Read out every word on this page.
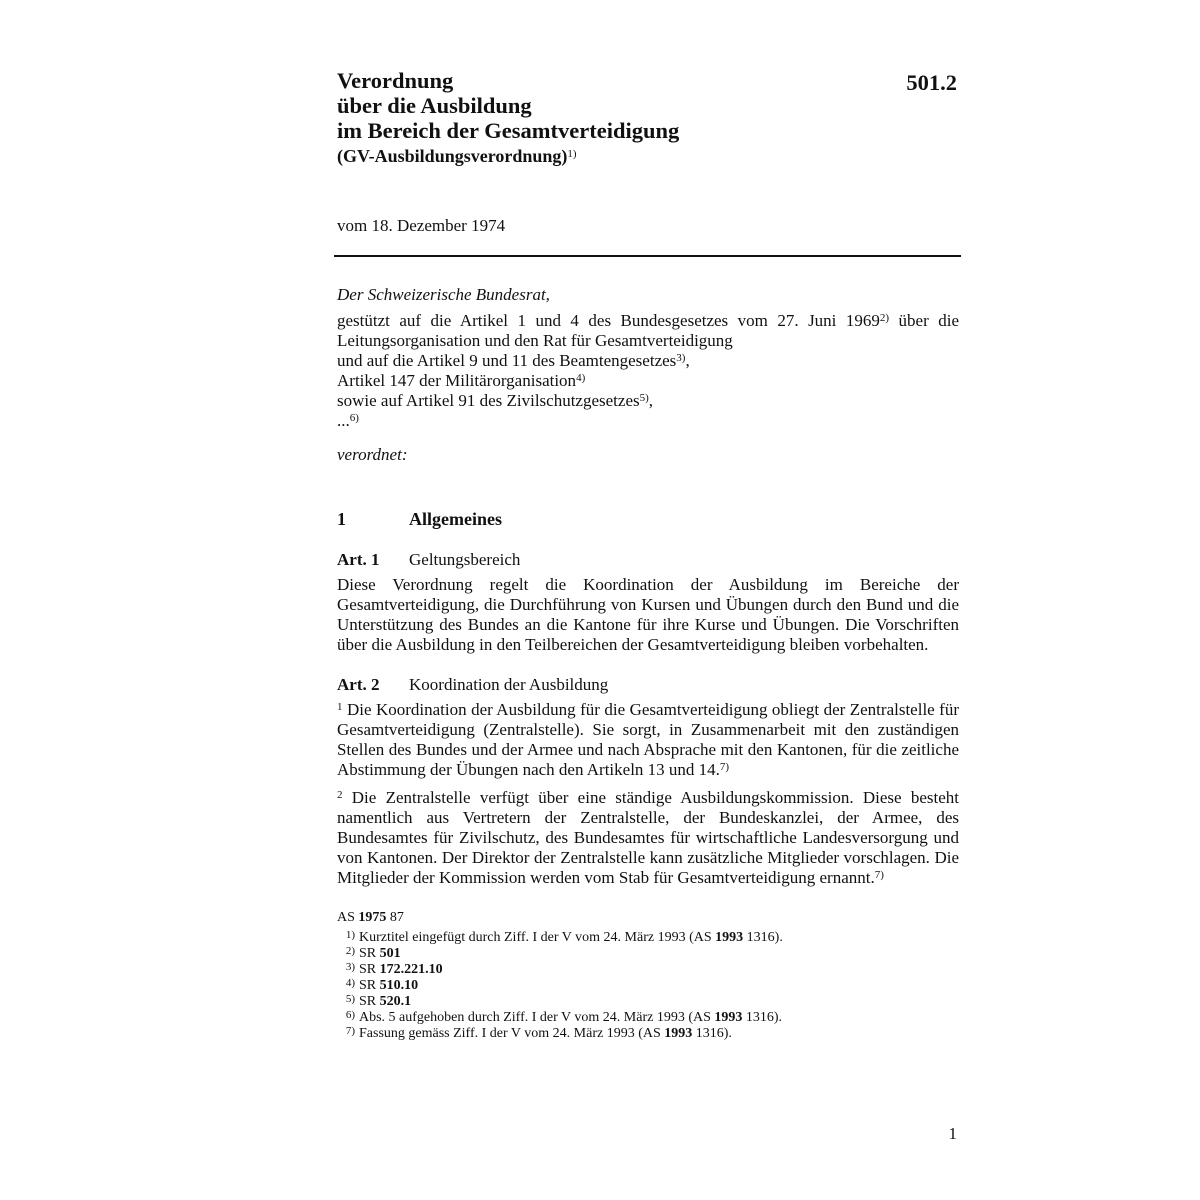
Verordnung
über die Ausbildung
im Bereich der Gesamtverteidigung
(GV-Ausbildungsverordnung)$^{1)}$
501.2
vom 18. Dezember 1974
Der Schweizerische Bundesrat,
gestützt auf die Artikel 1 und 4 des Bundesgesetzes vom 27. Juni 1969$^{2)}$ über die
Leitungsorganisation und den Rat für Gesamtverteidigung
und auf die Artikel 9 und 11 des Beamtengesetzes$^{3)}$,
Artikel 147 der Militärorganisation$^{4)}$
sowie auf Artikel 91 des Zivilschutzgesetzes$^{5)}$,
...$^{6)}$
verordnet:
1	Allgemeines
Art. 1	Geltungsbereich
Diese Verordnung regelt die Koordination der Ausbildung im Bereiche der Gesamtverteidigung, die Durchführung von Kursen und Übungen durch den Bund und die Unterstützung des Bundes an die Kantone für ihre Kurse und Übungen. Die Vorschriften über die Ausbildung in den Teilbereichen der Gesamtverteidigung bleiben vorbehalten.
Art. 2	Koordination der Ausbildung
$^1$ Die Koordination der Ausbildung für die Gesamtverteidigung obliegt der Zentralstelle für Gesamtverteidigung (Zentralstelle). Sie sorgt, in Zusammenarbeit mit den zuständigen Stellen des Bundes und der Armee und nach Absprache mit den Kantonen, für die zeitliche Abstimmung der Übungen nach den Artikeln 13 und 14.$^{7)}$
$^2$ Die Zentralstelle verfügt über eine ständige Ausbildungskommission. Diese besteht namentlich aus Vertretern der Zentralstelle, der Bundeskanzlei, der Armee, des Bundesamtes für Zivilschutz, des Bundesamtes für wirtschaftliche Landesversorgung und von Kantonen. Der Direktor der Zentralstelle kann zusätzliche Mitglieder vorschlagen. Die Mitglieder der Kommission werden vom Stab für Gesamtverteidigung ernannt.$^{7)}$
AS 1975 87
1) Kurztitel eingefügt durch Ziff. I der V vom 24. März 1993 (AS 1993 1316).
2) SR 501
3) SR 172.221.10
4) SR 510.10
5) SR 520.1
6) Abs. 5 aufgehoben durch Ziff. I der V vom 24. März 1993 (AS 1993 1316).
7) Fassung gemäss Ziff. I der V vom 24. März 1993 (AS 1993 1316).
1
